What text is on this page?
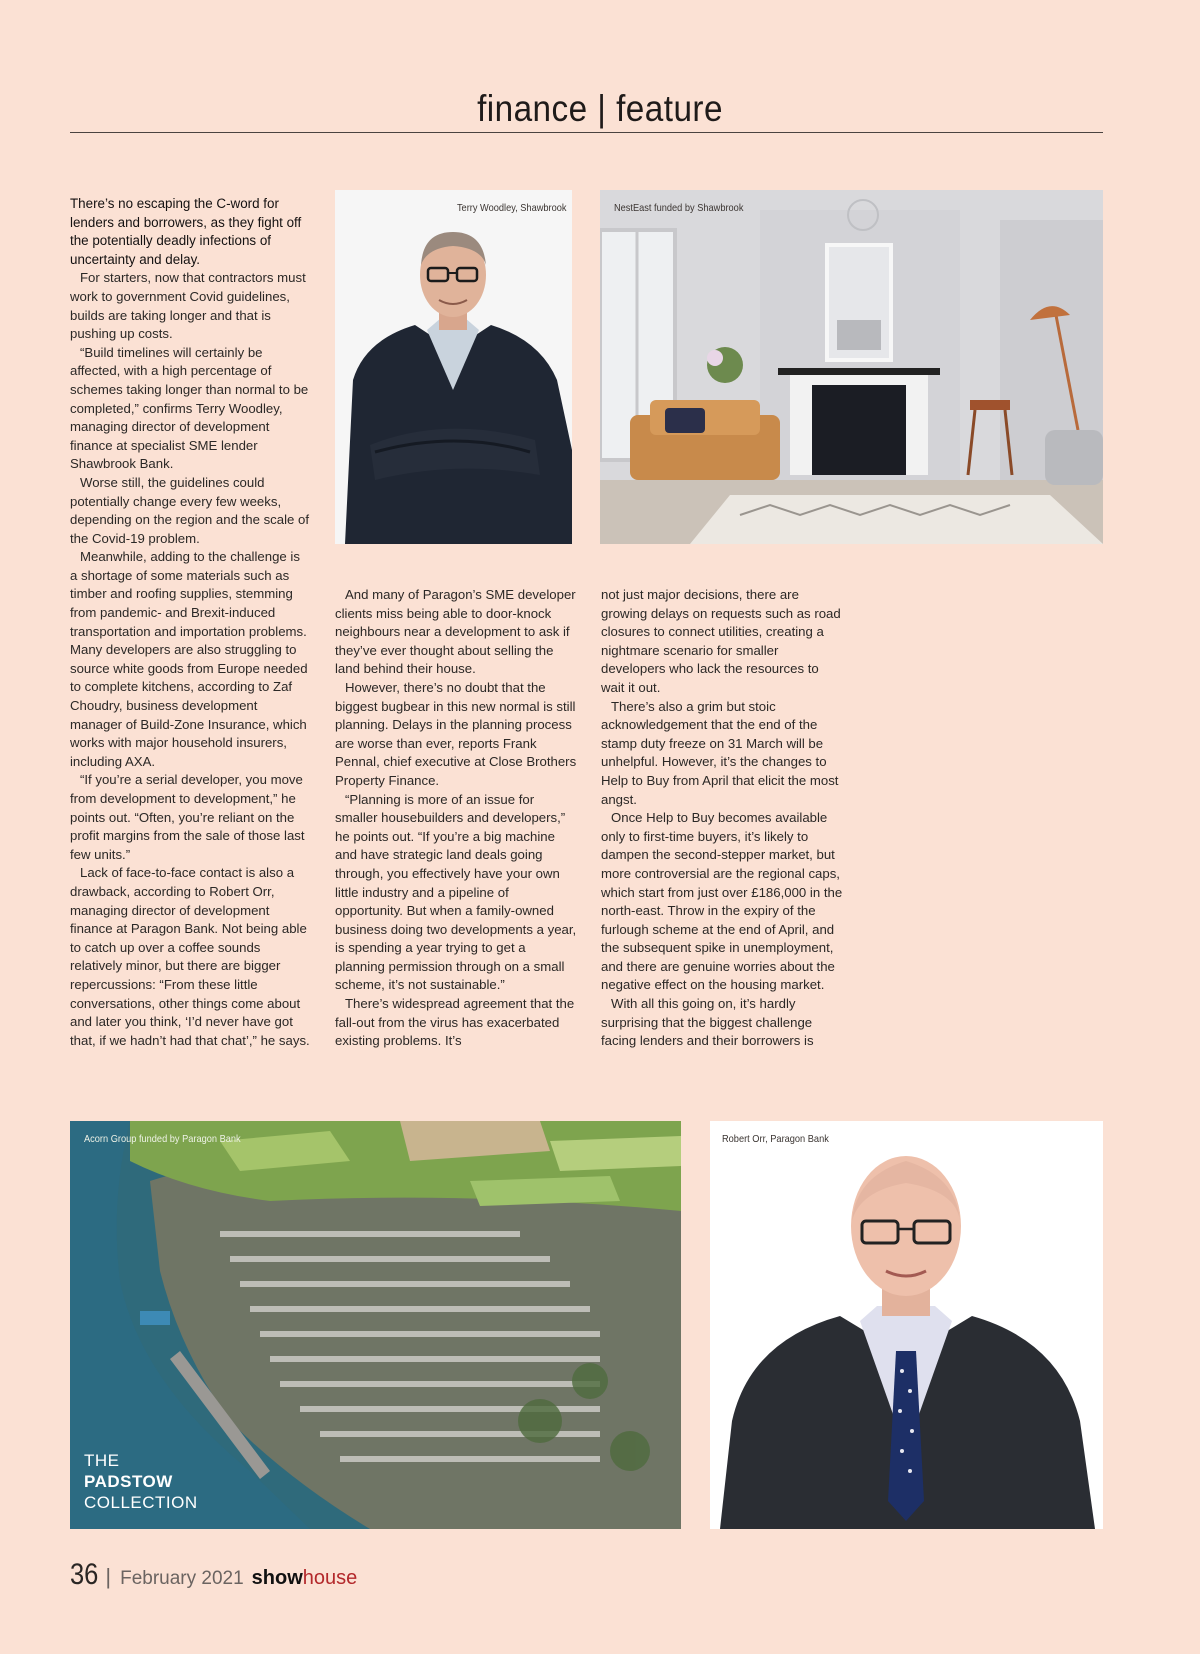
finance | feature

There’s no escaping the C-word for lenders and borrowers, as they fight off the potentially deadly infections of uncertainty and delay.

For starters, now that contractors must work to government Covid guidelines, builds are taking longer and that is pushing up costs.

“Build timelines will certainly be affected, with a high percentage of schemes taking longer than normal to be completed,” confirms Terry Woodley, managing director of development finance at specialist SME lender Shawbrook Bank.

Worse still, the guidelines could potentially change every few weeks, depending on the region and the scale of the Covid-19 problem.

Meanwhile, adding to the challenge is a shortage of some materials such as timber and roofing supplies, stemming from pandemic- and Brexit-induced transportation and importation problems. Many developers are also struggling to source white goods from Europe needed to complete kitchens, according to Zaf Choudry, business development manager of Build-Zone Insurance, which works with major household insurers, including AXA.

“If you’re a serial developer, you move from development to development,” he points out. “Often, you’re reliant on the profit margins from the sale of those last few units.”

Lack of face-to-face contact is also a drawback, according to Robert Orr, managing director of development finance at Paragon Bank. Not being able to catch up over a coffee sounds relatively minor, but there are bigger repercussions: “From these little conversations, other things come about and later you think, ‘I’d never have got that, if we hadn’t had that chat’,” he says.

Terry Woodley, Shawbrook	NestEast funded by Shawbrook

And many of Paragon’s SME developer clients miss being able to door-knock neighbours near a development to ask if they’ve ever thought about selling the land behind their house.

However, there’s no doubt that the biggest bugbear in this new normal is still planning. Delays in the planning process are worse than ever, reports Frank Pennal, chief executive at Close Brothers Property Finance.

“Planning is more of an issue for smaller housebuilders and developers,” he points out. “If you’re a big machine and have strategic land deals going through, you effectively have your own little industry and a pipeline of opportunity. But when a family-owned business doing two developments a year, is spending a year trying to get a planning permission through on a small scheme, it’s not sustainable.”

There’s widespread agreement that the fall-out from the virus has exacerbated existing problems. It’s

not just major decisions, there are growing delays on requests such as road closures to connect utilities, creating a nightmare scenario for smaller developers who lack the resources to wait it out.

There’s also a grim but stoic acknowledgement that the end of the stamp duty freeze on 31 March will be unhelpful. However, it’s the changes to Help to Buy from April that elicit the most angst.

Once Help to Buy becomes available only to first-time buyers, it’s likely to dampen the second-stepper market, but more controversial are the regional caps, which start from just over £186,000 in the north-east. Throw in the expiry of the furlough scheme at the end of April, and the subsequent spike in unemployment, and there are genuine worries about the negative effect on the housing market.

With all this going on, it’s hardly surprising that the biggest challenge facing lenders and their borrowers is

Acorn Group funded by Paragon Bank
THE
PADSTOW
COLLECTION
Robert Orr, Paragon Bank
36 | February 2021 showhouse
